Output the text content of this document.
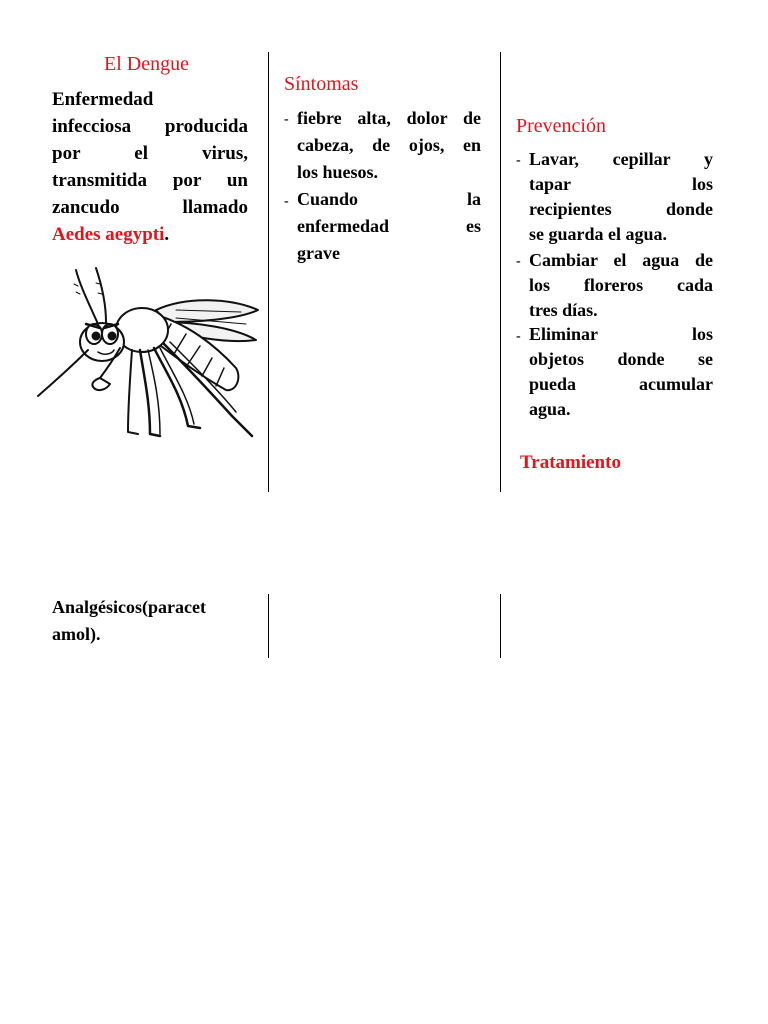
El Dengue
Enfermedad
infecciosa producida
por el virus,
transmitida por un
zancudo llamado
Aedes aegypti.
Síntomas
- fiebre alta, dolor de
cabeza, de ojos, en
los huesos.
- Cuando la
enfermedad es
grave
Prevención
- Lavar, cepillar y
tapar los
recipientes donde
se guarda el agua.
- Cambiar el agua de
los floreros cada
tres días.
- Eliminar los
objetos donde se
pueda acumular
agua.
Tratamiento
Analgésicos(paracet
amol).
